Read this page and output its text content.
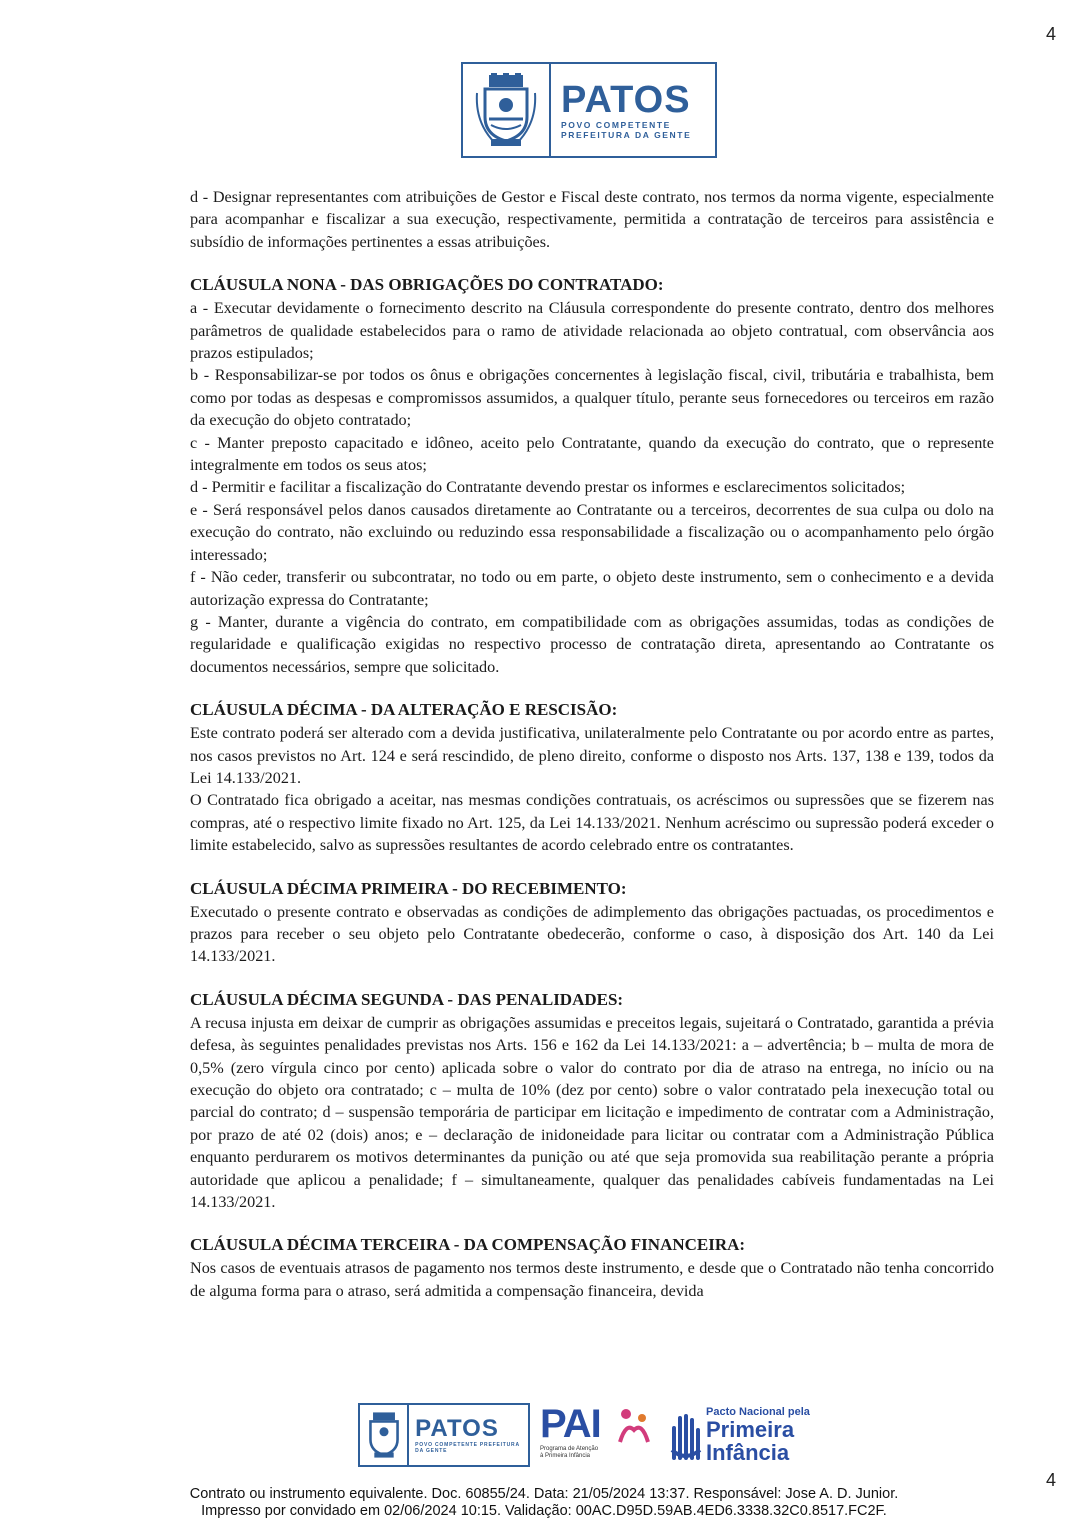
4
PATOS
POVO COMPETENTE
PREFEITURA DA GENTE

d - Designar representantes com atribuições de Gestor e Fiscal deste contrato, nos termos da norma vigente, especialmente para acompanhar e fiscalizar a sua execução, respectivamente, permitida a contratação de terceiros para assistência e subsídio de informações pertinentes a essas atribuições.

CLÁUSULA NONA - DAS OBRIGAÇÕES DO CONTRATADO:

a - Executar devidamente o fornecimento descrito na Cláusula correspondente do presente contrato, dentro dos melhores parâmetros de qualidade estabelecidos para o ramo de atividade relacionada ao objeto contratual, com observância aos prazos estipulados;

b - Responsabilizar-se por todos os ônus e obrigações concernentes à legislação fiscal, civil, tributária e trabalhista, bem como por todas as despesas e compromissos assumidos, a qualquer título, perante seus fornecedores ou terceiros em razão da execução do objeto contratado;

c - Manter preposto capacitado e idôneo, aceito pelo Contratante, quando da execução do contrato, que o represente integralmente em todos os seus atos;

d - Permitir e facilitar a fiscalização do Contratante devendo prestar os informes e esclarecimentos solicitados;

e - Será responsável pelos danos causados diretamente ao Contratante ou a terceiros, decorrentes de sua culpa ou dolo na execução do contrato, não excluindo ou reduzindo essa responsabilidade a fiscalização ou o acompanhamento pelo órgão interessado;

f - Não ceder, transferir ou subcontratar, no todo ou em parte, o objeto deste instrumento, sem o conhecimento e a devida autorização expressa do Contratante;

g - Manter, durante a vigência do contrato, em compatibilidade com as obrigações assumidas, todas as condições de regularidade e qualificação exigidas no respectivo processo de contratação direta, apresentando ao Contratante os documentos necessários, sempre que solicitado.

CLÁUSULA DÉCIMA - DA ALTERAÇÃO E RESCISÃO:

Este contrato poderá ser alterado com a devida justificativa, unilateralmente pelo Contratante ou por acordo entre as partes, nos casos previstos no Art. 124 e será rescindido, de pleno direito, conforme o disposto nos Arts. 137, 138 e 139, todos da Lei 14.133/2021.

O Contratado fica obrigado a aceitar, nas mesmas condições contratuais, os acréscimos ou supressões que se fizerem nas compras, até o respectivo limite fixado no Art. 125, da Lei 14.133/2021. Nenhum acréscimo ou supressão poderá exceder o limite estabelecido, salvo as supressões resultantes de acordo celebrado entre os contratantes.

CLÁUSULA DÉCIMA PRIMEIRA - DO RECEBIMENTO:

Executado o presente contrato e observadas as condições de adimplemento das obrigações pactuadas, os procedimentos e prazos para receber o seu objeto pelo Contratante obedecerão, conforme o caso, à disposição dos Art. 140 da Lei 14.133/2021.

CLÁUSULA DÉCIMA SEGUNDA - DAS PENALIDADES:

A recusa injusta em deixar de cumprir as obrigações assumidas e preceitos legais, sujeitará o Contratado, garantida a prévia defesa, às seguintes penalidades previstas nos Arts. 156 e 162 da Lei 14.133/2021: a – advertência; b – multa de mora de 0,5% (zero vírgula cinco por cento) aplicada sobre o valor do contrato por dia de atraso na entrega, no início ou na execução do objeto ora contratado; c – multa de 10% (dez por cento) sobre o valor contratado pela inexecução total ou parcial do contrato; d – suspensão temporária de participar em licitação e impedimento de contratar com a Administração, por prazo de até 02 (dois) anos; e – declaração de inidoneidade para licitar ou contratar com a Administração Pública enquanto perdurarem os motivos determinantes da punição ou até que seja promovida sua reabilitação perante a própria autoridade que aplicou a penalidade; f – simultaneamente, qualquer das penalidades cabíveis fundamentadas na Lei 14.133/2021.

CLÁUSULA DÉCIMA TERCEIRA - DA COMPENSAÇÃO FINANCEIRA:

Nos casos de eventuais atrasos de pagamento nos termos deste instrumento, e desde que o Contratado não tenha concorrido de alguma forma para o atraso, será admitida a compensação financeira, devida

PATOS
POVO COMPETENTE PREFEITURA DA GENTE
PAI
Programa de Atenção
à Primeira Infância
Pacto Nacional pela
Primeira
Infância
4
Contrato ou instrumento equivalente. Doc. 60855/24. Data: 21/05/2024 13:37. Responsável: Jose A. D. Junior.
Impresso por convidado em 02/06/2024 10:15. Validação: 00AC.D95D.59AB.4ED6.3338.32C0.8517.FC2F.
